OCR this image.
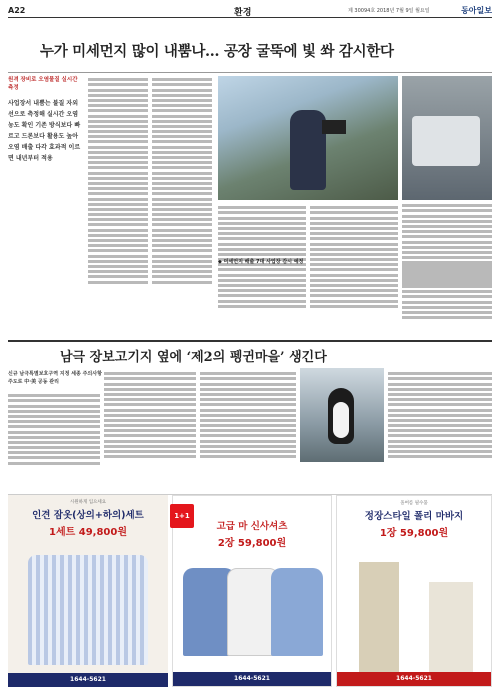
A22	환경	제 30094호 2018년 7월 9일 월요일	동아일보
누가 미세먼지 많이 내뿜나… 공장 굴뚝에 빛 쏴 감시한다
원격 장비로 오염물질 실시간 측정
사업장서 내뿜는 불질 자외선으로 측정해 실시간 오염 농도 확인 기존 방식보다 빠르고 드론보다 활용도 높아 오염 배출 다각 효과적 이르면 내년부터 적용
남극 장보고기지 옆에 ‘제2의 펭귄마을’ 생긴다
신규 남극특별보호구역 지정 세종 주의사항 주도로 中·美 공동 관리
시원하게 입으세요
인견 잠옷(상의+하의)세트
1세트 49,800원
1644-5621
고급 마 신사셔츠
2장 59,800원
1644-5621
올여름 필수품
정장스타일 폴리 마바지
1장 59,800원
1644-5621
1+1
◆ 미세먼지 배출 7대 사업장 감시 예정
